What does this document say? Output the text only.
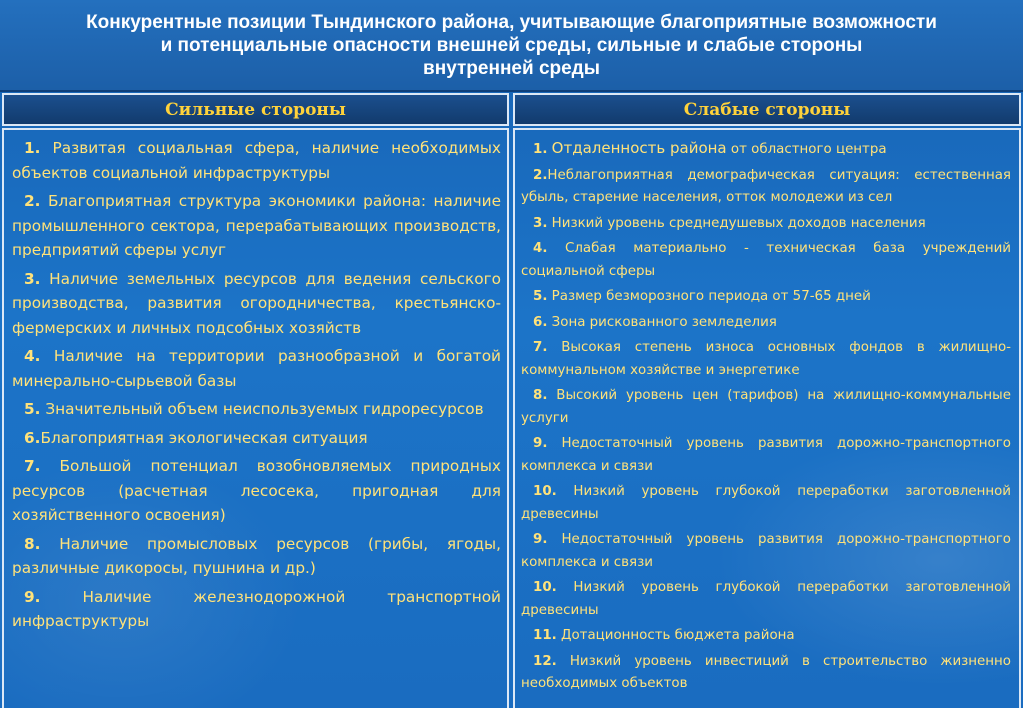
Конкурентные позиции Тындинского района, учитывающие благоприятные возможности
и потенциальные опасности внешней среды, сильные и слабые стороны
внутренней среды
Сильные стороны	Слабые стороны
1. Развитая социальная сфера, наличие необходимых объектов социальной инфраструктуры
2. Благоприятная структура экономики района: наличие промышленного сектора, перерабатывающих производств, предприятий сферы услуг
3. Наличие земельных ресурсов для ведения сельского производства, развития огородничества, крестьянско-фермерских и личных подсобных хозяйств
4. Наличие на территории разнообразной и богатой минерально-сырьевой базы
5. Значительный объем неиспользуемых гидроресурсов
6.Благоприятная экологическая ситуация
7. Большой потенциал возобновляемых природных ресурсов (расчетная лесосека, пригодная для хозяйственного освоения)
8. Наличие промысловых ресурсов (грибы, ягоды, различные дикоросы, пушнина и др.)
9.	Наличие железнодорожной транспортной инфраструктуры
1. Отдаленность района от областного центра
2.Неблагоприятная демографическая ситуация: естественная убыль, старение населения, отток молодежи из сел
3. Низкий уровень среднедушевых доходов населения
4. Слабая материально - техническая база учреждений социальной сферы
5. Размер безморозного периода от 57-65 дней
6. Зона рискованного земледелия
7. Высокая степень износа основных фондов в жилищно-коммунальном хозяйстве и энергетике
8. Высокий уровень цен (тарифов) на жилищно-коммунальные услуги
9. Недостаточный уровень развития дорожно-транспортного комплекса и связи
10. Низкий уровень глубокой переработки заготовленной древесины
9. Недостаточный уровень развития дорожно-транспортного комплекса и связи
10. Низкий уровень глубокой переработки заготовленной древесины
11. Дотационность бюджета района
12. Низкий уровень инвестиций в строительство жизненно необходимых объектов
